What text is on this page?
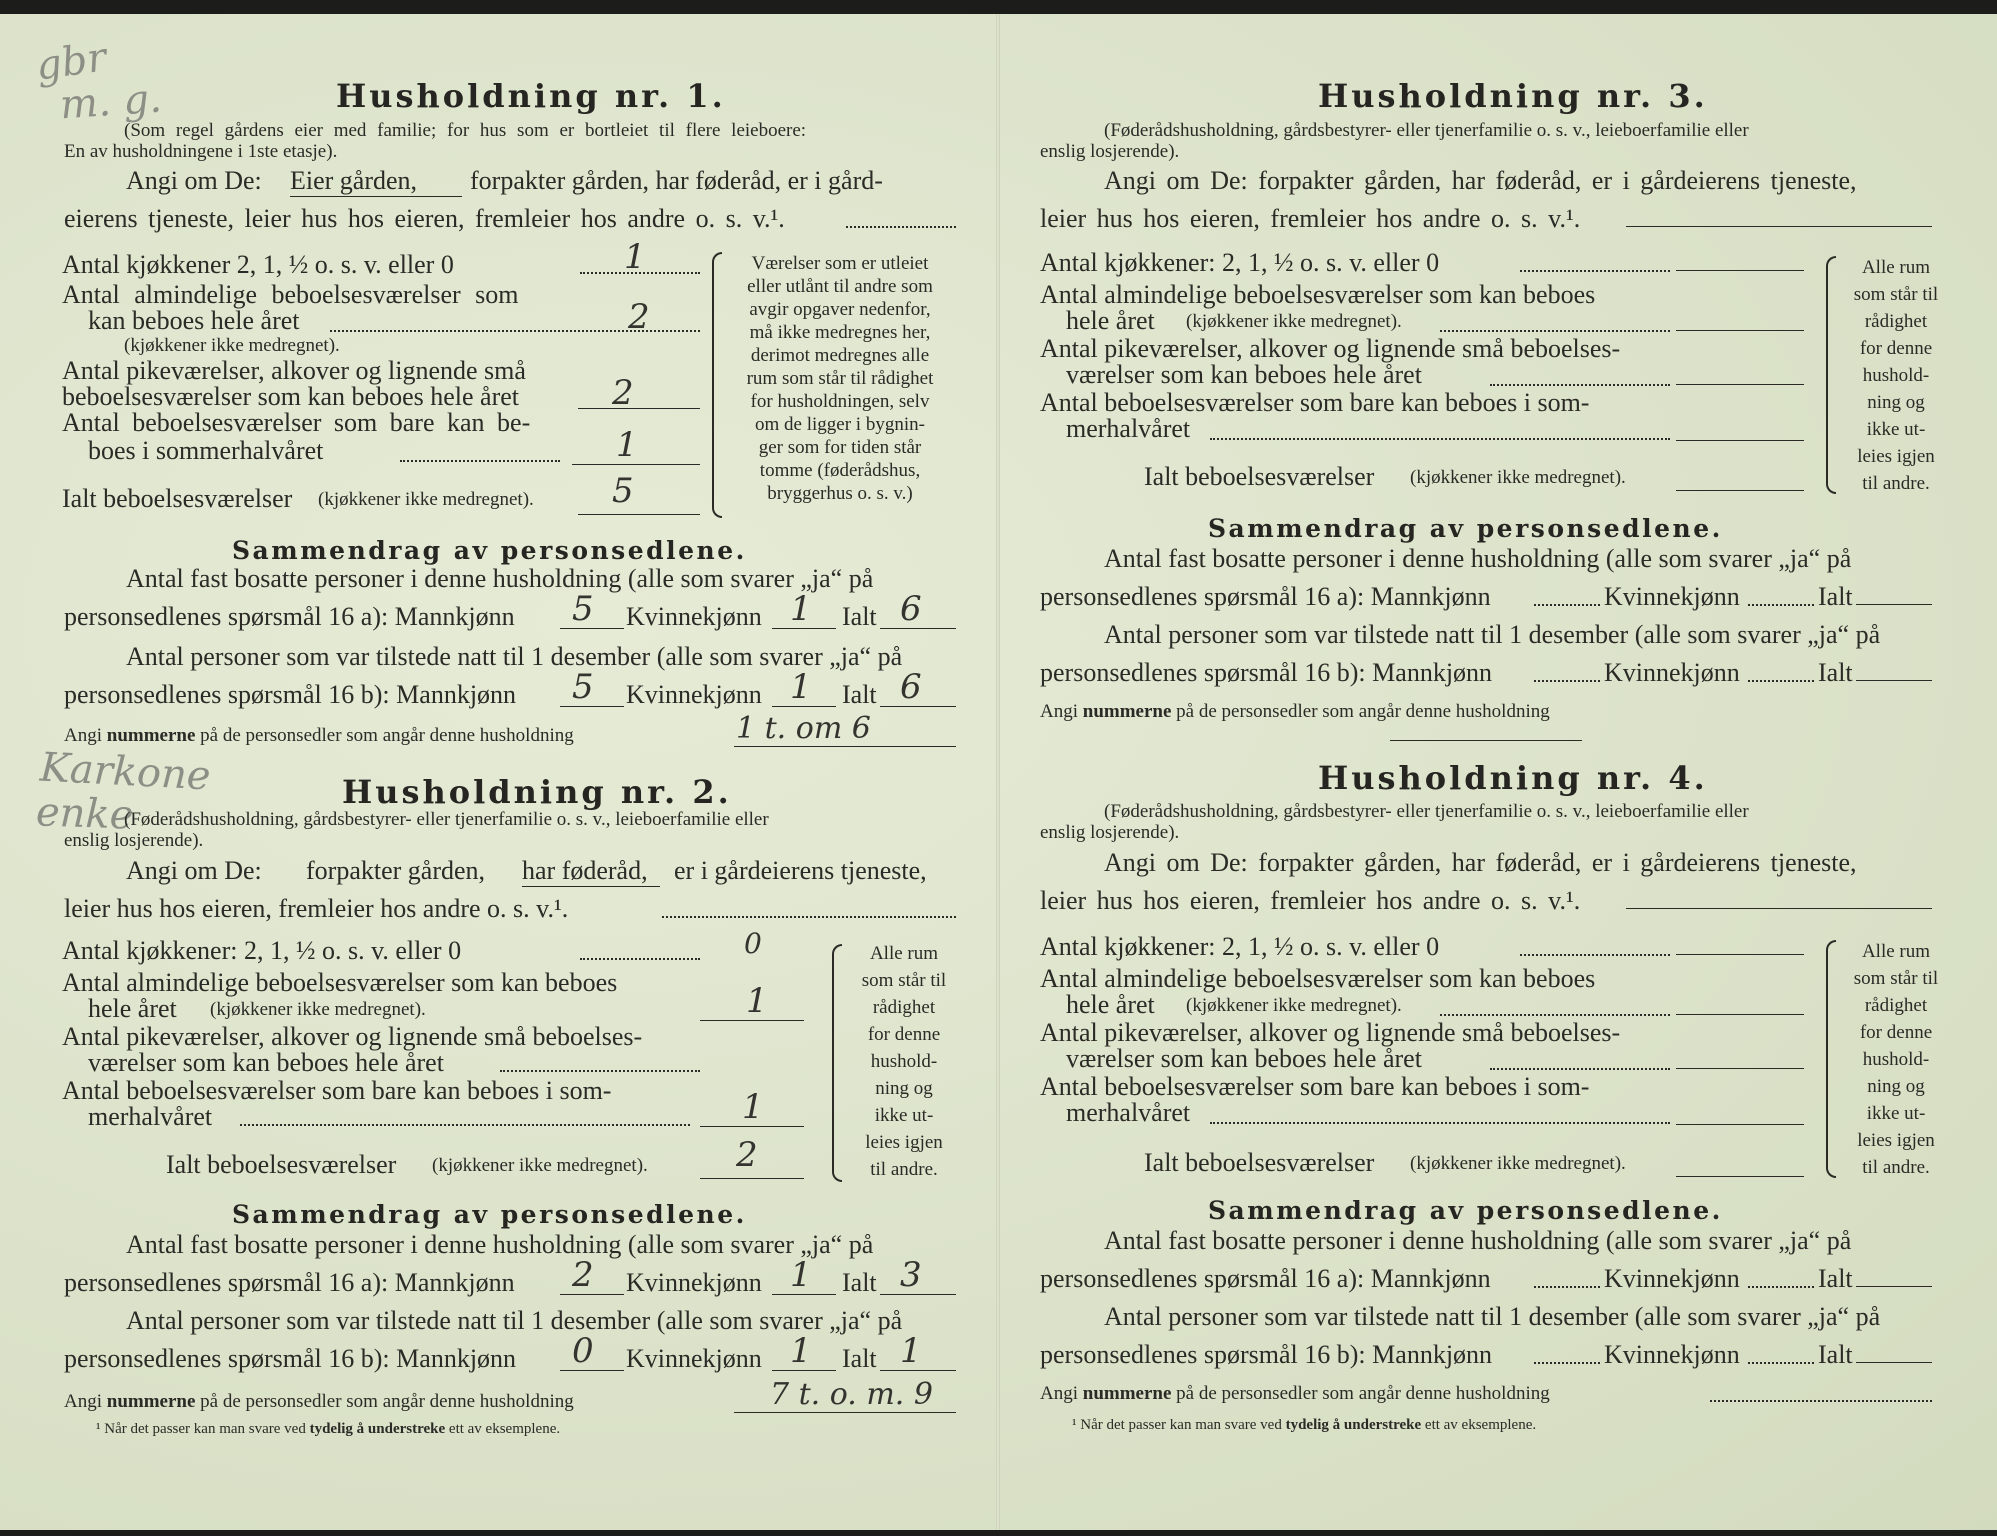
gbr
m. g.	Husholdning nr. 1.
(Som regel gårdens eier med familie; for hus som er bortleiet til flere leieboere:
En av husholdningene i 1ste etasje).
Angi om De: Eier gården, forpakter gården, har føderåd, er i gård-
eierens tjeneste, leier hus hos eieren, fremleier hos andre o. s. v.¹.
Antal kjøkkener 2, 1, ½ o. s. v. eller 0	1
Antal almindelige beboelsesværelser som
kan beboes hele året	2
(kjøkkener ikke medregnet).
Antal pikeværelser, alkover og lignende små
beboelsesværelser som kan beboes hele året	2
Antal beboelsesværelser som bare kan be-
boes i sommerhalvåret	1
Ialt beboelsesværelser (kjøkkener ikke medregnet). 5
Værelser som er utleiet
eller utlånt til andre som
avgir opgaver nedenfor,
må ikke medregnes her,
derimot medregnes alle
rum som står til rådighet
for husholdningen, selv
om de ligger i bygnin-
ger som for tiden står
tomme (føderådshus,
bryggerhus o. s. v.)
Sammendrag av personsedlene.
Antal fast bosatte personer i denne husholdning (alle som svarer „ja“ på
personsedlenes spørsmål 16 a): Mannkjønn 5 Kvinnekjønn 1 Ialt 6
Antal personer som var tilstede natt til 1 desember (alle som svarer „ja“ på
personsedlenes spørsmål 16 b): Mannkjønn 5 Kvinnekjønn 1 Ialt 6
Angi nummerne på de personsedler som angår denne husholdning	1 t. om 6
Karkone
enke	Husholdning nr. 2.
(Føderådshusholdning, gårdsbestyrer- eller tjenerfamilie o. s. v., leieboerfamilie eller
enslig losjerende).
Angi om De: forpakter gården, har føderåd, er i gårdeierens tjeneste,
leier hus hos eieren, fremleier hos andre o. s. v.¹.
Antal kjøkkener: 2, 1, ½ o. s. v. eller 0	0
Antal almindelige beboelsesværelser som kan beboes
hele året (kjøkkener ikke medregnet).	1
Antal pikeværelser, alkover og lignende små beboelses-
værelser som kan beboes hele året
Antal beboelsesværelser som bare kan beboes i som-
merhalvåret	1
Ialt beboelsesværelser (kjøkkener ikke medregnet).	2
Alle rum
som står til
rådighet
for denne
hushold-
ning og
ikke ut-
leies igjen
til andre.
Sammendrag av personsedlene.
Antal fast bosatte personer i denne husholdning (alle som svarer „ja“ på
personsedlenes spørsmål 16 a): Mannkjønn 2 Kvinnekjønn 1 Ialt 3
Antal personer som var tilstede natt til 1 desember (alle som svarer „ja“ på
personsedlenes spørsmål 16 b): Mannkjønn 0 Kvinnekjønn 1 Ialt 1
Angi nummerne på de personsedler som angår denne husholdning	7 t. o. m. 9
¹ Når det passer kan man svare ved tydelig å understreke ett av eksemplene.
Husholdning nr. 3.
(Føderådshusholdning, gårdsbestyrer- eller tjenerfamilie o. s. v., leieboerfamilie eller
enslig losjerende).
Angi om De: forpakter gården, har føderåd, er i gårdeierens tjeneste,
leier hus hos eieren, fremleier hos andre o. s. v.¹.
Antal kjøkkener: 2, 1, ½ o. s. v. eller 0
Antal almindelige beboelsesværelser som kan beboes
hele året (kjøkkener ikke medregnet).
Antal pikeværelser, alkover og lignende små beboelses-
værelser som kan beboes hele året
Antal beboelsesværelser som bare kan beboes i som-
merhalvåret
Ialt beboelsesværelser (kjøkkener ikke medregnet).
Alle rum
som står til
rådighet
for denne
hushold-
ning og
ikke ut-
leies igjen
til andre.
Sammendrag av personsedlene.
Antal fast bosatte personer i denne husholdning (alle som svarer „ja“ på
personsedlenes spørsmål 16 a): Mannkjønn	Kvinnekjønn	Ialt
Antal personer som var tilstede natt til 1 desember (alle som svarer „ja“ på
personsedlenes spørsmål 16 b): Mannkjønn	Kvinnekjønn	Ialt
Angi nummerne på de personsedler som angår denne husholdning
Husholdning nr. 4.
(Føderådshusholdning, gårdsbestyrer- eller tjenerfamilie o. s. v., leieboerfamilie eller
enslig losjerende).
Angi om De: forpakter gården, har føderåd, er i gårdeierens tjeneste,
leier hus hos eieren, fremleier hos andre o. s. v.¹.
Antal kjøkkener: 2, 1, ½ o. s. v. eller 0
Antal almindelige beboelsesværelser som kan beboes
hele året (kjøkkener ikke medregnet).
Antal pikeværelser, alkover og lignende små beboelses-
værelser som kan beboes hele året
Antal beboelsesværelser som bare kan beboes i som-
merhalvåret
Ialt beboelsesværelser (kjøkkener ikke medregnet).
Alle rum
som står til
rådighet
for denne
hushold-
ning og
ikke ut-
leies igjen
til andre.
Sammendrag av personsedlene.
Antal fast bosatte personer i denne husholdning (alle som svarer „ja“ på
personsedlenes spørsmål 16 a): Mannkjønn	Kvinnekjønn	Ialt
Antal personer som var tilstede natt til 1 desember (alle som svarer „ja“ på
personsedlenes spørsmål 16 b): Mannkjønn	Kvinnekjønn	Ialt
Angi nummerne på de personsedler som angår denne husholdning
¹ Når det passer kan man svare ved tydelig å understreke ett av eksemplene.
